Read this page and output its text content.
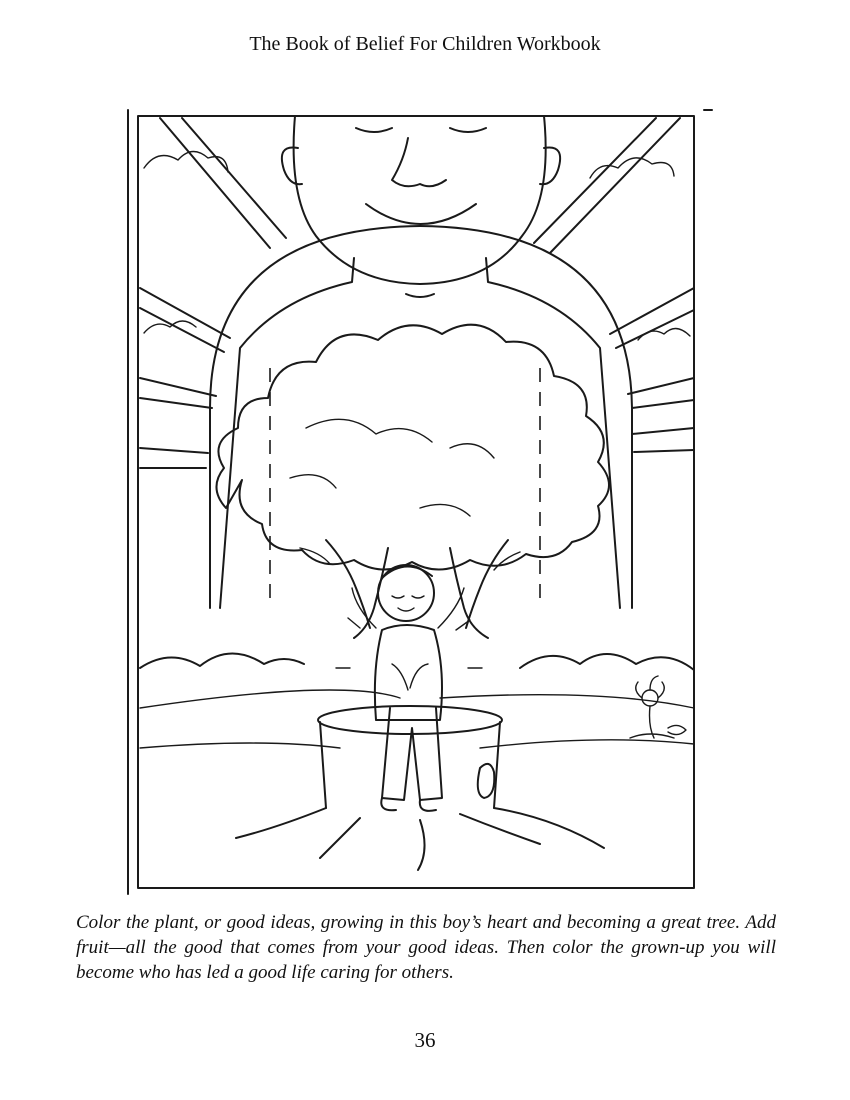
The Book of Belief For Children Workbook
Color the plant, or good ideas, growing in this boy’s heart and becoming a great tree. Add fruit—all the good that comes from your good ideas. Then color the grown-up you will become who has led a good life caring for others.
36
